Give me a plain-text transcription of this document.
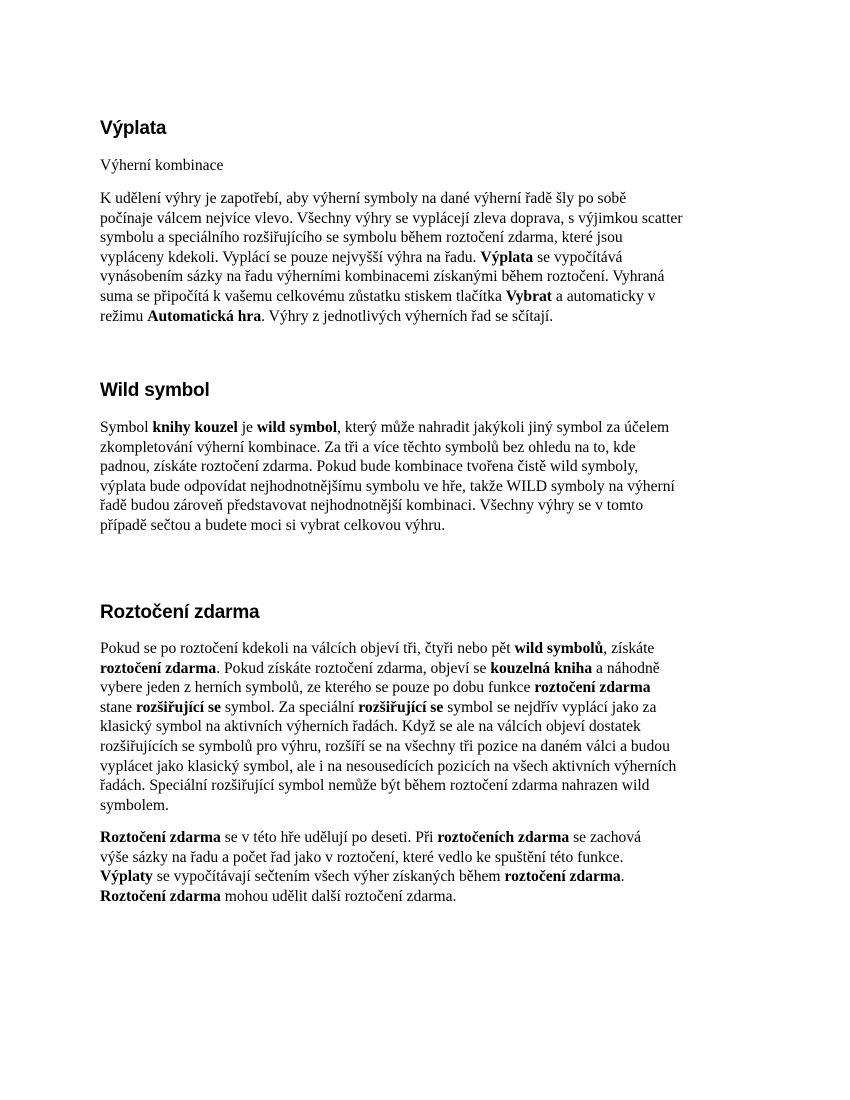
Výplata
Výherní kombinace
K udělení výhry je zapotřebí, aby výherní symboly na dané výherní řadě šly po sobě
počínaje válcem nejvíce vlevo. Všechny výhry se vyplácejí zleva doprava, s výjimkou scatter
symbolu a speciálního rozšiřujícího se symbolu během roztočení zdarma, které jsou
vypláceny kdekoli. Vyplácí se pouze nejvyšší výhra na řadu. Výplata se vypočítává
vynásobením sázky na řadu výherními kombinacemi získanými během roztočení. Vyhraná
suma se připočítá k vašemu celkovému zůstatku stiskem tlačítka Vybrat a automaticky v
režimu Automatická hra. Výhry z jednotlivých výherních řad se sčítají.
Wild symbol
Symbol knihy kouzel je wild symbol, který může nahradit jakýkoli jiný symbol za účelem
zkompletování výherní kombinace. Za tři a více těchto symbolů bez ohledu na to, kde
padnou, získáte roztočení zdarma. Pokud bude kombinace tvořena čistě wild symboly,
výplata bude odpovídat nejhodnotnějšímu symbolu ve hře, takže WILD symboly na výherní
řadě budou zároveň představovat nejhodnotnější kombinaci. Všechny výhry se v tomto
případě sečtou a budete moci si vybrat celkovou výhru.
Roztočení zdarma
Pokud se po roztočení kdekoli na válcích objeví tři, čtyři nebo pět wild symbolů, získáte
roztočení zdarma. Pokud získáte roztočení zdarma, objeví se kouzelná kniha a náhodně
vybere jeden z herních symbolů, ze kterého se pouze po dobu funkce roztočení zdarma
stane rozšiřující se symbol. Za speciální rozšiřující se symbol se nejdřív vyplácí jako za
klasický symbol na aktivních výherních řadách. Když se ale na válcích objeví dostatek
rozšiřujících se symbolů pro výhru, rozšíří se na všechny tři pozice na daném válci a budou
vyplácet jako klasický symbol, ale i na nesousedících pozicích na všech aktivních výherních
řadách. Speciální rozšiřující symbol nemůže být během roztočení zdarma nahrazen wild
symbolem.
Roztočení zdarma se v této hře udělují po deseti. Při roztočeních zdarma se zachová
výše sázky na řadu a počet řad jako v roztočení, které vedlo ke spuštění této funkce.
Výplaty se vypočítávají sečtením všech výher získaných během roztočení zdarma.
Roztočení zdarma mohou udělit další roztočení zdarma.
